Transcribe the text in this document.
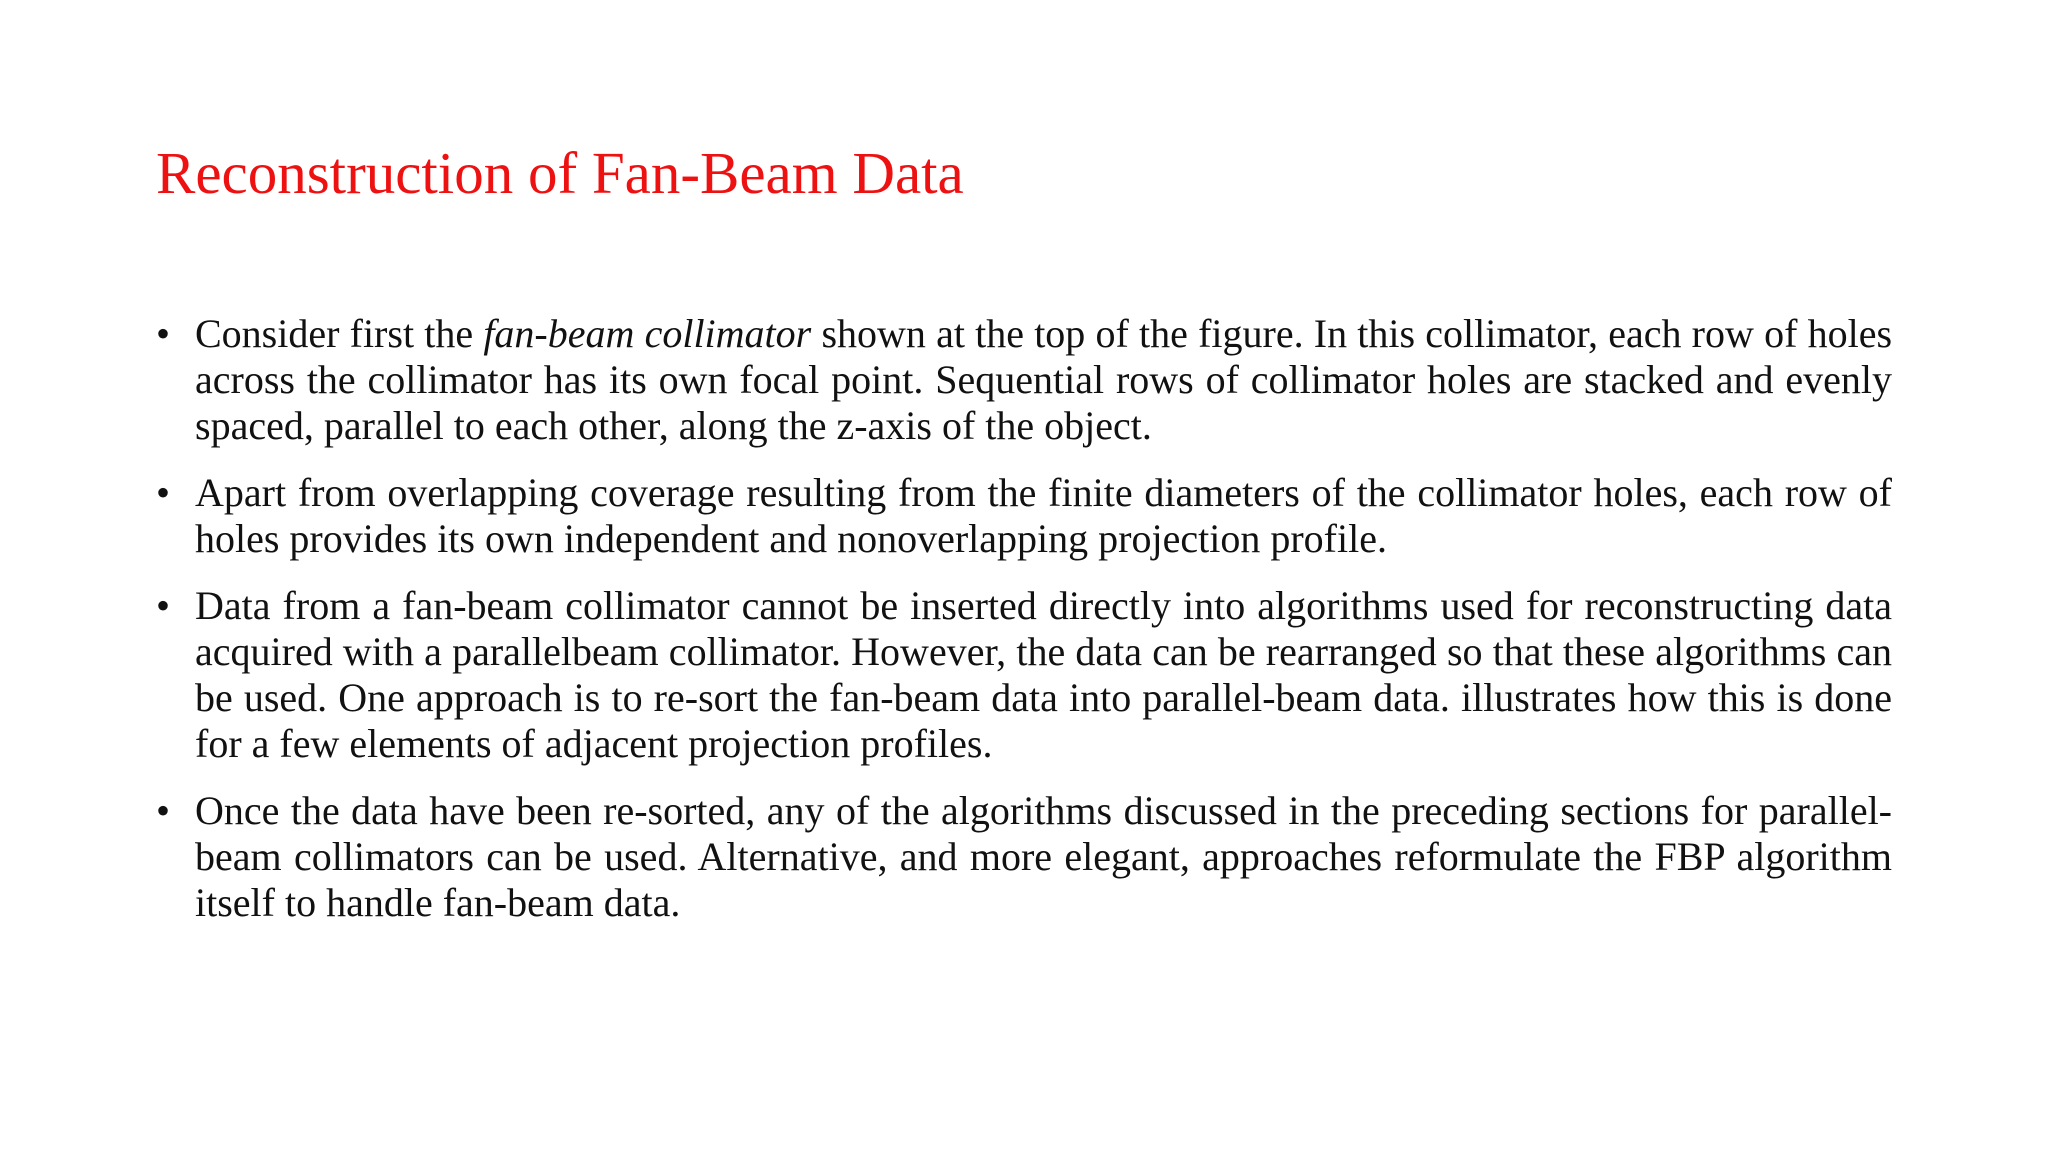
Reconstruction of Fan-Beam Data
• Consider first the fan-beam collimator shown at the top of the figure. In this collimator, each row of holes across the collimator has its own focal point. Sequential rows of collimator holes are stacked and evenly spaced, parallel to each other, along the z-axis of the object.
• Apart from overlapping coverage resulting from the finite diameters of the collimator holes, each row of holes provides its own independent and nonoverlapping projection profile.
• Data from a fan-beam collimator cannot be inserted directly into algorithms used for reconstructing data acquired with a parallelbeam collimator. However, the data can be rearranged so that these algorithms can be used. One approach is to re-sort the fan-beam data into parallel-beam data. illustrates how this is done for a few elements of adjacent projection profiles.
• Once the data have been re-sorted, any of the algorithms discussed in the preceding sections for parallel-beam collimators can be used. Alternative, and more elegant, approaches reformulate the FBP algorithm itself to handle fan-beam data.
